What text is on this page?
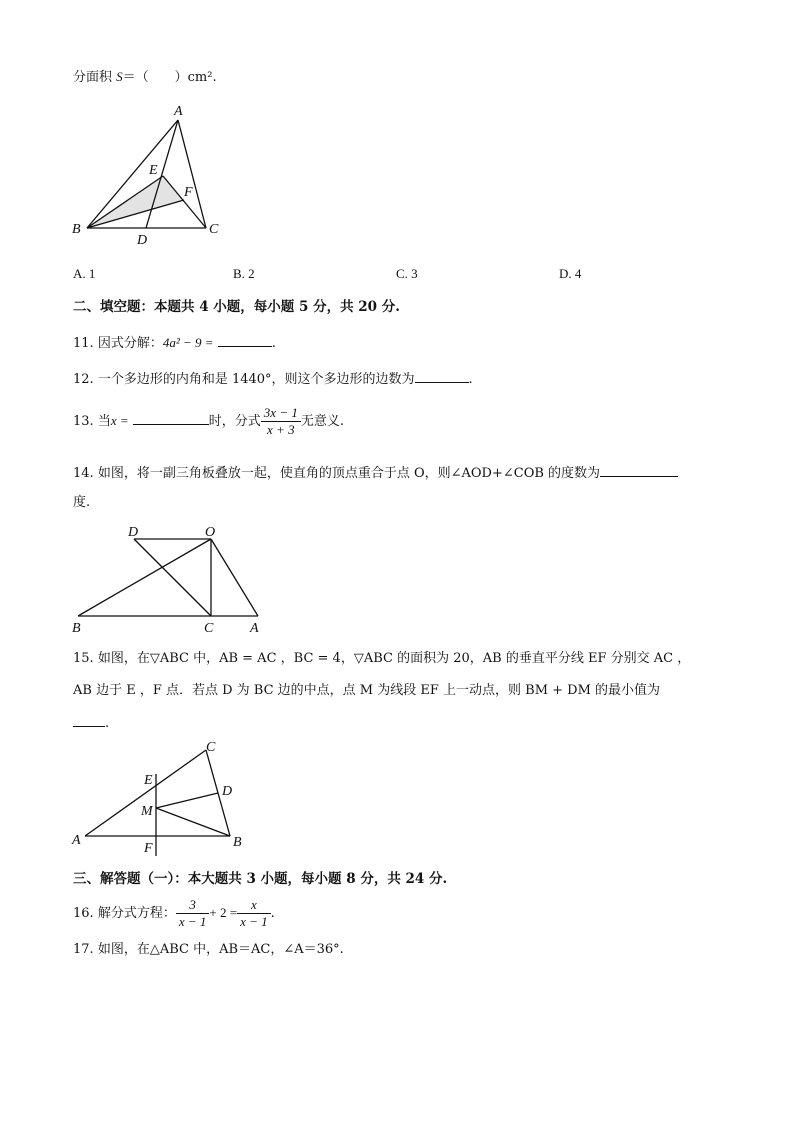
分面积 S＝（　　）cm².
A
B	C
D
E
F
A. 1	B. 2	C. 3	D. 4
二、填空题：本题共 4 小题，每小题 5 分，共 20 分.
11. 因式分解：4a² − 9 =	.
12. 一个多边形的内角和是 1440°，则这个多边形的边数为	.
13. 当x =	时，分式 $\frac{3x - 1}{x + 3}$ 无意义.
14. 如图，将一副三角板叠放一起，使直角的顶点重合于点 O，则∠AOD+∠COB 的度数为
度.
D	O
B	C	A
15. 如图，在▽ABC 中，AB = AC ，BC = 4，▽ABC 的面积为 20，AB 的垂直平分线 EF 分别交 AC ，
AB 边于 E ，F 点．若点 D 为 BC 边的中点，点 M 为线段 EF 上一动点，则 BM + DM 的最小值为
.
C
E
D
M
A	B
F
三、解答题（一）：本大题共 3 小题，每小题 8 分，共 24 分.
16. 解分式方程： $\frac{3}{x - 1} + 2 = \frac{x}{x - 1}$ .
17. 如图，在△ABC 中，AB＝AC，∠A＝36°.
